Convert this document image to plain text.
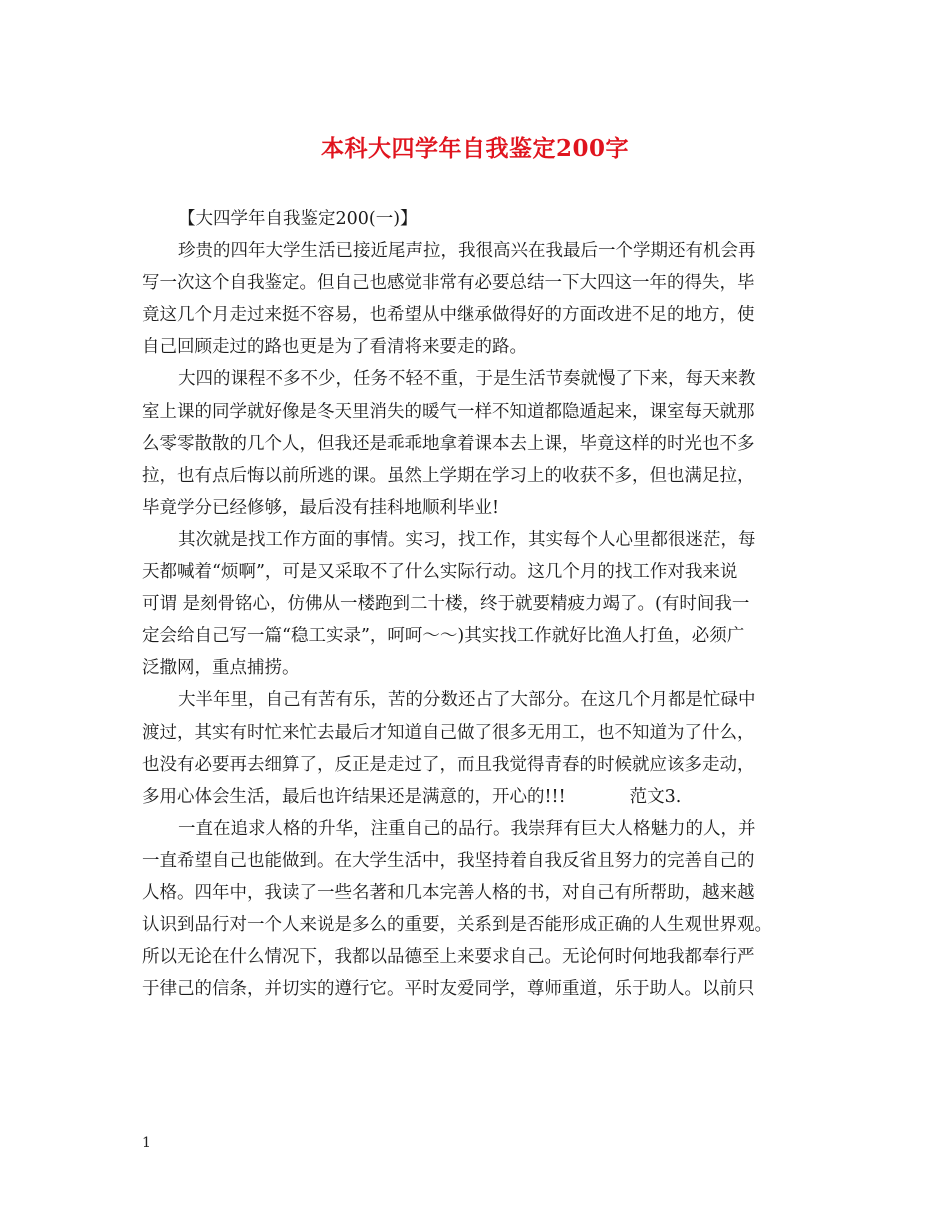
本科大四学年自我鉴定200字
【大四学年自我鉴定200(一)】
珍贵的四年大学生活已接近尾声拉，我很高兴在我最后一个学期还有机会再
写一次这个自我鉴定。但自己也感觉非常有必要总结一下大四这一年的得失，毕
竟这几个月走过来挺不容易，也希望从中继承做得好的方面改进不足的地方，使
自己回顾走过的路也更是为了看清将来要走的路。
大四的课程不多不少，任务不轻不重，于是生活节奏就慢了下来，每天来教
室上课的同学就好像是冬天里消失的暖气一样不知道都隐遁起来，课室每天就那
么零零散散的几个人，但我还是乖乖地拿着课本去上课，毕竟这样的时光也不多
拉，也有点后悔以前所逃的课。虽然上学期在学习上的收获不多，但也满足拉，
毕竟学分已经修够，最后没有挂科地顺利毕业!
其次就是找工作方面的事情。实习，找工作，其实每个人心里都很迷茫，每
天都喊着“烦啊”，可是又采取不了什么实际行动。这几个月的找工作对我来说
可谓 是刻骨铭心，仿佛从一楼跑到二十楼，终于就要精疲力竭了。(有时间我一
定会给自己写一篇“稳工实录”，呵呵～～)其实找工作就好比渔人打鱼，必须广
泛撒网，重点捕捞。
大半年里，自己有苦有乐，苦的分数还占了大部分。在这几个月都是忙碌中
渡过，其实有时忙来忙去最后才知道自己做了很多无用工，也不知道为了什么，
也没有必要再去细算了，反正是走过了，而且我觉得青春的时候就应该多走动，
多用心体会生活，最后也许结果还是满意的，开心的!!!	范文3.
一直在追求人格的升华，注重自己的品行。我崇拜有巨大人格魅力的人，并
一直希望自己也能做到。在大学生活中，我坚持着自我反省且努力的完善自己的
人格。四年中，我读了一些名著和几本完善人格的书，对自己有所帮助，越来越
认识到品行对一个人来说是多么的重要，关系到是否能形成正确的人生观世界观。
所以无论在什么情况下，我都以品德至上来要求自己。无论何时何地我都奉行严
于律己的信条，并切实的遵行它。平时友爱同学，尊师重道，乐于助人。以前只
1
